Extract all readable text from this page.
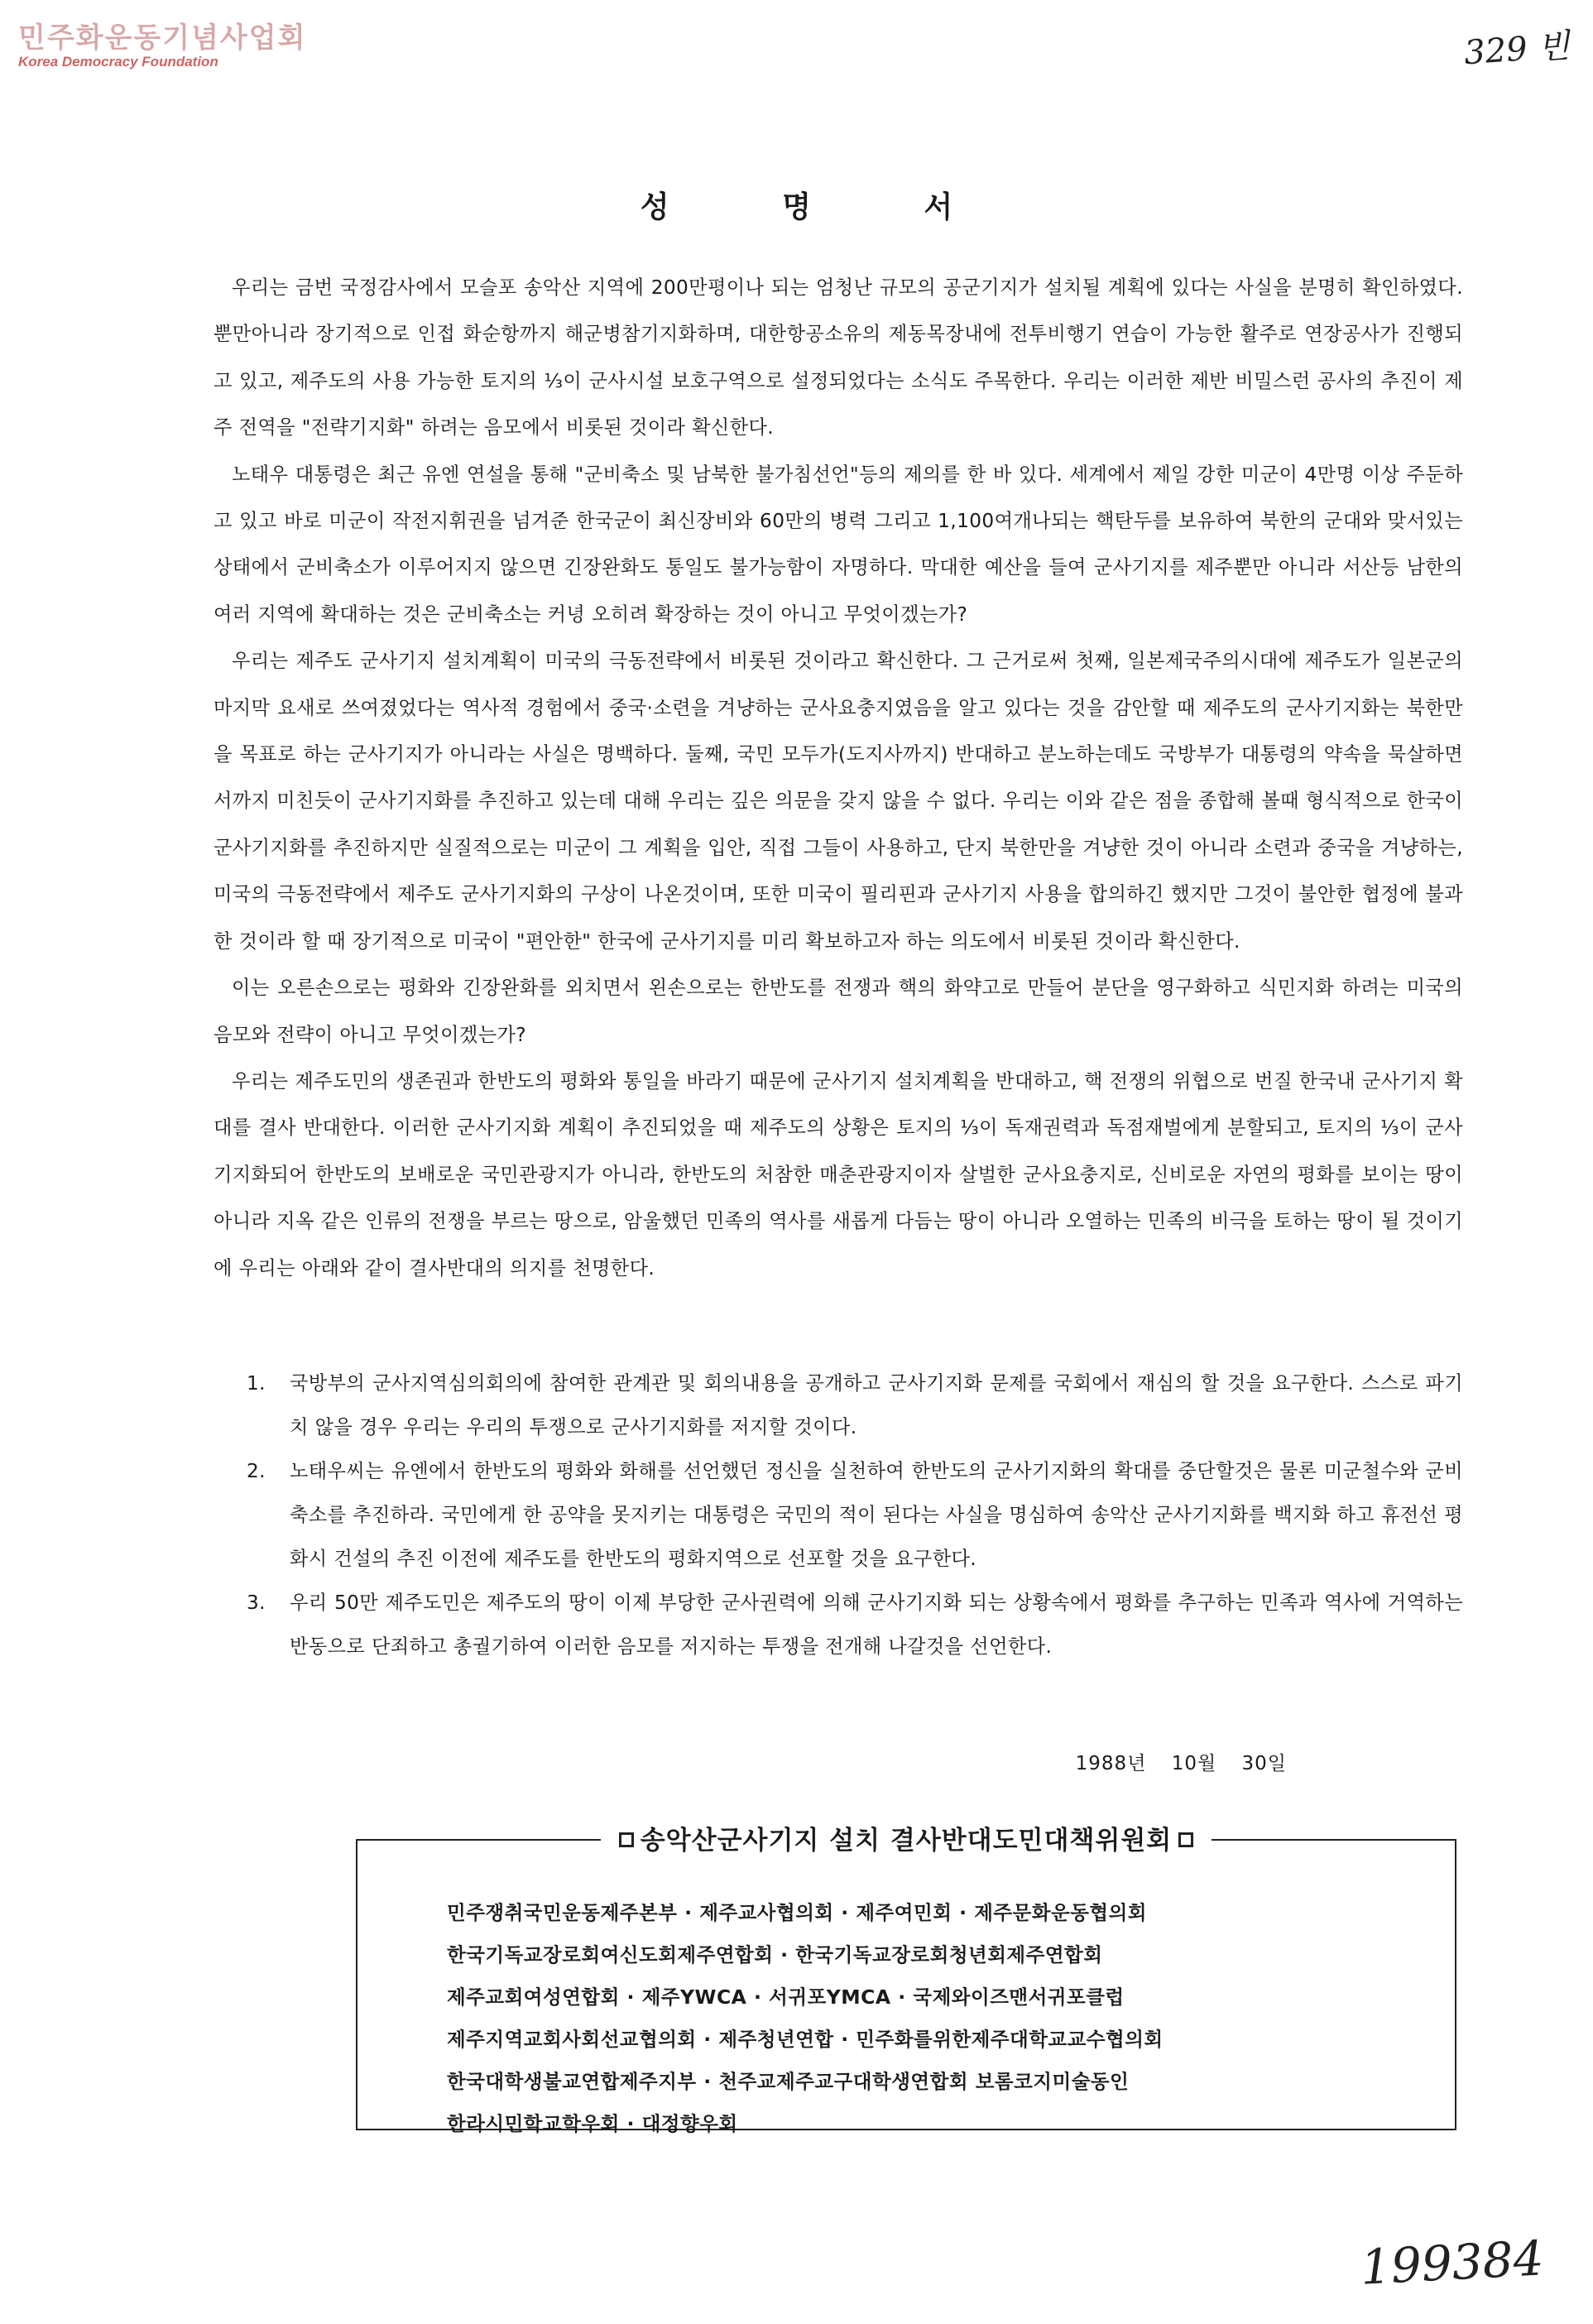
민주화운동기념사업회
Korea Democracy Foundation	329 빈
성 명 서

우리는 금번 국정감사에서 모슬포 송악산 지역에 200만평이나 되는 엄청난 규모의 공군기지가 설치될 계획에 있다는 사실을 분명히 확인하였다. 뿐만아니라 장기적으로 인접 화순항까지 해군병참기지화하며, 대한항공소유의 제동목장내에 전투비행기 연습이 가능한 활주로 연장공사가 진행되고 있고, 제주도의 사용 가능한 토지의 ⅓이 군사시설 보호구역으로 설정되었다는 소식도 주목한다. 우리는 이러한 제반 비밀스런 공사의 추진이 제주 전역을 "전략기지화" 하려는 음모에서 비롯된 것이라 확신한다.

노태우 대통령은 최근 유엔 연설을 통해 "군비축소 및 남북한 불가침선언"등의 제의를 한 바 있다. 세계에서 제일 강한 미군이 4만명 이상 주둔하고 있고 바로 미군이 작전지휘권을 넘겨준 한국군이 최신장비와 60만의 병력 그리고 1,100여개나되는 핵탄두를 보유하여 북한의 군대와 맞서있는 상태에서 군비축소가 이루어지지 않으면 긴장완화도 통일도 불가능함이 자명하다. 막대한 예산을 들여 군사기지를 제주뿐만 아니라 서산등 남한의 여러 지역에 확대하는 것은 군비축소는 커녕 오히려 확장하는 것이 아니고 무엇이겠는가?

우리는 제주도 군사기지 설치계획이 미국의 극동전략에서 비롯된 것이라고 확신한다. 그 근거로써 첫째, 일본제국주의시대에 제주도가 일본군의 마지막 요새로 쓰여졌었다는 역사적 경험에서 중국·소련을 겨냥하는 군사요충지였음을 알고 있다는 것을 감안할 때 제주도의 군사기지화는 북한만을 목표로 하는 군사기지가 아니라는 사실은 명백하다. 둘째, 국민 모두가(도지사까지) 반대하고 분노하는데도 국방부가 대통령의 약속을 묵살하면서까지 미친듯이 군사기지화를 추진하고 있는데 대해 우리는 깊은 의문을 갖지 않을 수 없다. 우리는 이와 같은 점을 종합해 볼때 형식적으로 한국이 군사기지화를 추진하지만 실질적으로는 미군이 그 계획을 입안, 직접 그들이 사용하고, 단지 북한만을 겨냥한 것이 아니라 소련과 중국을 겨냥하는, 미국의 극동전략에서 제주도 군사기지화의 구상이 나온것이며, 또한 미국이 필리핀과 군사기지 사용을 합의하긴 했지만 그것이 불안한 협정에 불과한 것이라 할 때 장기적으로 미국이 "편안한" 한국에 군사기지를 미리 확보하고자 하는 의도에서 비롯된 것이라 확신한다.

이는 오른손으로는 평화와 긴장완화를 외치면서 왼손으로는 한반도를 전쟁과 핵의 화약고로 만들어 분단을 영구화하고 식민지화 하려는 미국의 음모와 전략이 아니고 무엇이겠는가?

우리는 제주도민의 생존권과 한반도의 평화와 통일을 바라기 때문에 군사기지 설치계획을 반대하고, 핵 전쟁의 위협으로 번질 한국내 군사기지 확대를 결사 반대한다. 이러한 군사기지화 계획이 추진되었을 때 제주도의 상황은 토지의 ⅓이 독재권력과 독점재벌에게 분할되고, 토지의 ⅓이 군사기지화되어 한반도의 보배로운 국민관광지가 아니라, 한반도의 처참한 매춘관광지이자 살벌한 군사요충지로, 신비로운 자연의 평화를 보이는 땅이 아니라 지옥 같은 인류의 전쟁을 부르는 땅으로, 암울했던 민족의 역사를 새롭게 다듬는 땅이 아니라 오열하는 민족의 비극을 토하는 땅이 될 것이기에 우리는 아래와 같이 결사반대의 의지를 천명한다.

1.	국방부의 군사지역심의회의에 참여한 관계관 및 회의내용을 공개하고 군사기지화 문제를 국회에서 재심의 할 것을 요구한다. 스스로 파기치 않을 경우 우리는 우리의 투쟁으로 군사기지화를 저지할 것이다.
2.	노태우씨는 유엔에서 한반도의 평화와 화해를 선언했던 정신을 실천하여 한반도의 군사기지화의 확대를 중단할것은 물론 미군철수와 군비축소를 추진하라. 국민에게 한 공약을 못지키는 대통령은 국민의 적이 된다는 사실을 명심하여 송악산 군사기지화를 백지화 하고 휴전선 평화시 건설의 추진 이전에 제주도를 한반도의 평화지역으로 선포할 것을 요구한다.
3.	우리 50만 제주도민은 제주도의 땅이 이제 부당한 군사권력에 의해 군사기지화 되는 상황속에서 평화를 추구하는 민족과 역사에 거역하는 반동으로 단죄하고 총궐기하여 이러한 음모를 저지하는 투쟁을 전개해 나갈것을 선언한다.
1988년 10월 30일
송악산군사기지 설치 결사반대도민대책위원회
민주쟁취국민운동제주본부 · 제주교사협의회 · 제주여민회 · 제주문화운동협의회
한국기독교장로회여신도회제주연합회 · 한국기독교장로회청년회제주연합회
제주교회여성연합회 · 제주YWCA · 서귀포YMCA · 국제와이즈맨서귀포클럽
제주지역교회사회선교협의회 · 제주청년연합 · 민주화를위한제주대학교교수협의회
한국대학생불교연합제주지부 · 천주교제주교구대학생연합회 보롬코지미술동인
한라시민학교학우회 · 대정향우회
199384
